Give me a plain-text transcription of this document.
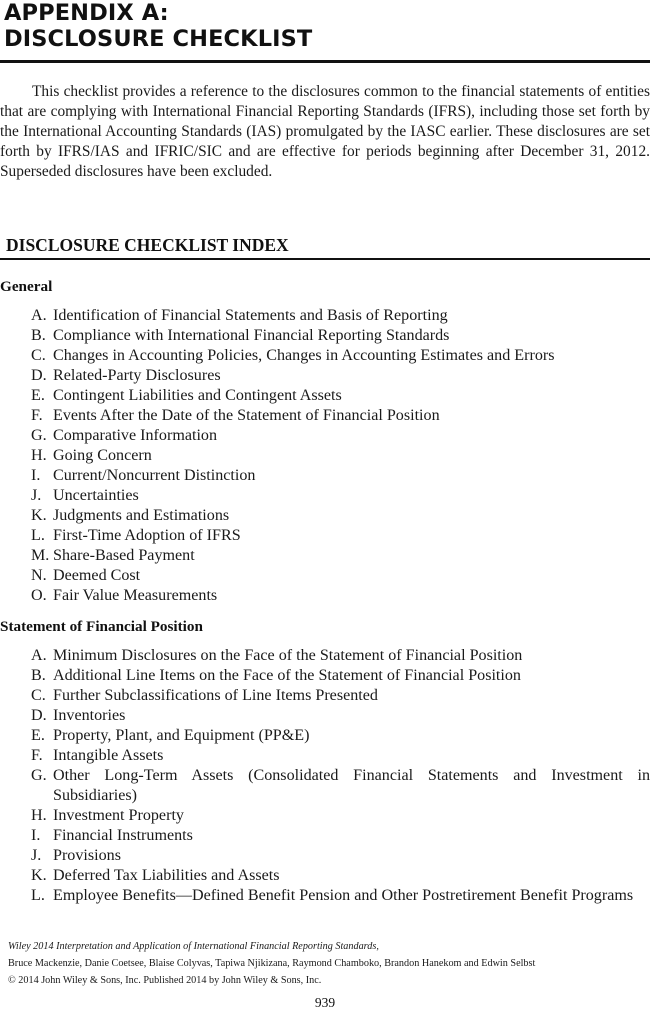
APPENDIX A:
DISCLOSURE CHECKLIST

This checklist provides a reference to the disclosures common to the financial statements of entities that are complying with International Financial Reporting Standards (IFRS), including those set forth by the International Accounting Standards (IAS) promulgated by the IASC earlier. These disclosures are set forth by IFRS/IAS and IFRIC/SIC and are effective for periods beginning after December 31, 2012. Superseded disclosures have been excluded.

DISCLOSURE CHECKLIST INDEX
General
A. Identification of Financial Statements and Basis of Reporting
B. Compliance with International Financial Reporting Standards
C. Changes in Accounting Policies, Changes in Accounting Estimates and Errors
D. Related-Party Disclosures
E. Contingent Liabilities and Contingent Assets
F. Events After the Date of the Statement of Financial Position
G. Comparative Information
H. Going Concern
I. Current/Noncurrent Distinction
J. Uncertainties
K. Judgments and Estimations
L. First-Time Adoption of IFRS
M. Share-Based Payment
N. Deemed Cost
O. Fair Value Measurements
Statement of Financial Position
A. Minimum Disclosures on the Face of the Statement of Financial Position
B. Additional Line Items on the Face of the Statement of Financial Position
C. Further Subclassifications of Line Items Presented
D. Inventories
E. Property, Plant, and Equipment (PP&E)
F. Intangible Assets
G. Other Long-Term Assets (Consolidated Financial Statements and Investment in Subsidiaries)
H. Investment Property
I. Financial Instruments
J. Provisions
K. Deferred Tax Liabilities and Assets
L. Employee Benefits—Defined Benefit Pension and Other Postretirement Benefit Programs

Wiley 2014 Interpretation and Application of International Financial Reporting Standards,

Bruce Mackenzie, Danie Coetsee, Blaise Colyvas, Tapiwa Njikizana, Raymond Chamboko, Brandon Hanekom and Edwin Selbst

© 2014 John Wiley & Sons, Inc. Published 2014 by John Wiley & Sons, Inc.

939
